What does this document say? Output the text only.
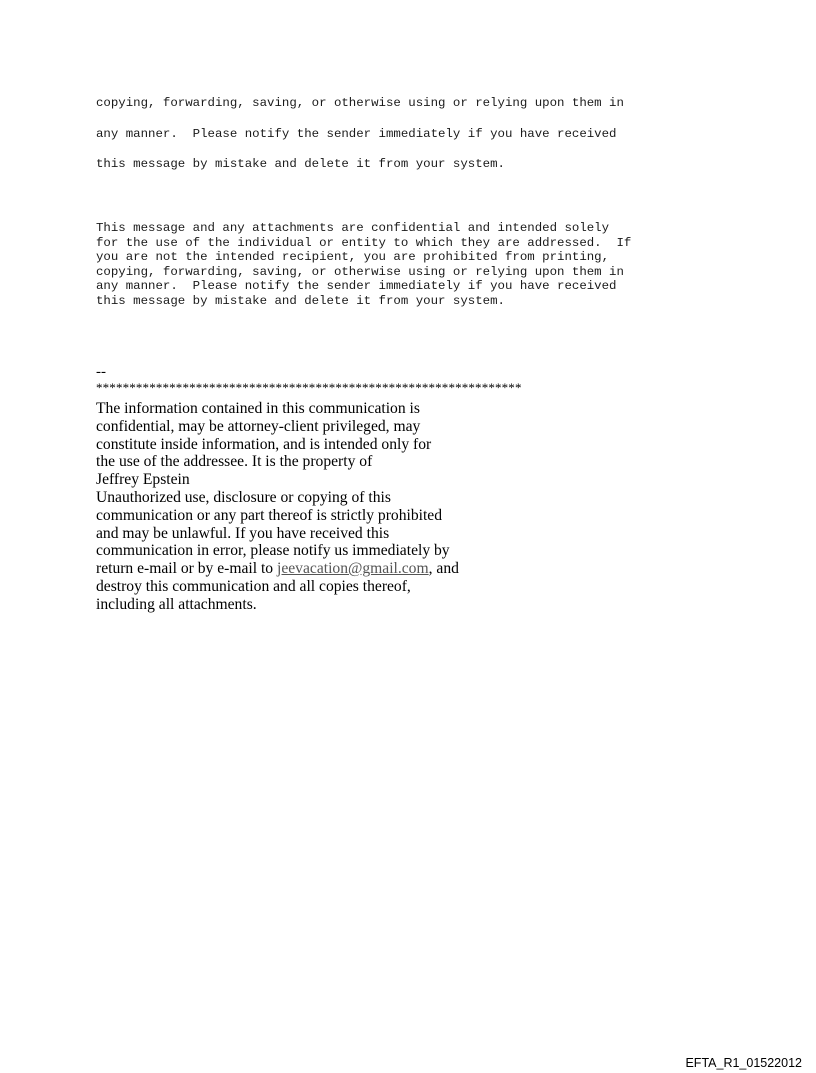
copying, forwarding, saving, or otherwise using or relying upon them in
any manner.  Please notify the sender immediately if you have received
this message by mistake and delete it from your system.
This message and any attachments are confidential and intended solely
for the use of the individual or entity to which they are addressed.  If
you are not the intended recipient, you are prohibited from printing,
copying, forwarding, saving, or otherwise using or relying upon them in
any manner.  Please notify the sender immediately if you have received
this message by mistake and delete it from your system.
--
****************************************************************
The information contained in this communication is
confidential, may be attorney-client privileged, may
constitute inside information, and is intended only for
the use of the addressee. It is the property of
Jeffrey Epstein
Unauthorized use, disclosure or copying of this
communication or any part thereof is strictly prohibited
and may be unlawful. If you have received this
communication in error, please notify us immediately by
return e-mail or by e-mail to jeevacation@gmail.com, and
destroy this communication and all copies thereof,
including all attachments.
EFTA_R1_01522012
